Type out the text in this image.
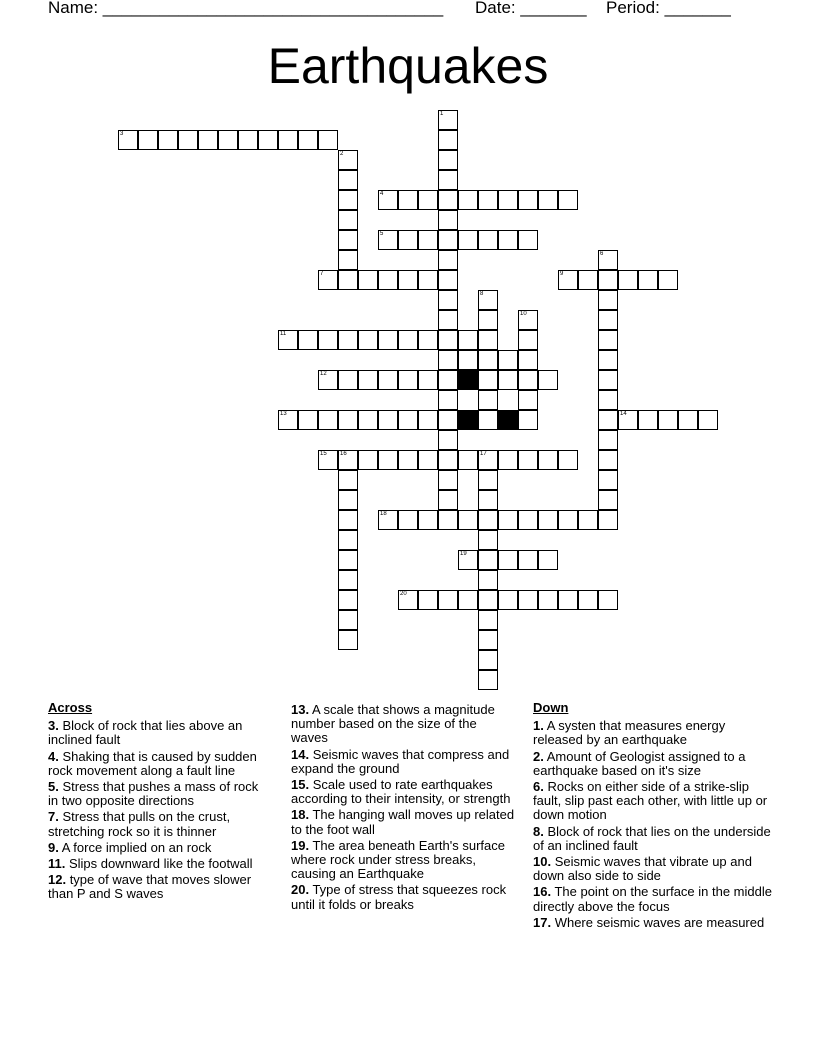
Name: ____________________________________ Date: _______ Period: _______
Earthquakes
3
4
5
7	9
11
12
13	14
15 16	17
18
19
20
1
2
6
8
10
Across
3. Block of rock that lies above an inclined fault
4. Shaking that is caused by sudden rock movement along a fault line
5. Stress that pushes a mass of rock in two opposite directions
7. Stress that pulls on the crust, stretching rock so it is thinner
9. A force implied on an rock
11. Slips downward like the footwall
12. type of wave that moves slower than P and S waves
13. A scale that shows a magnitude number based on the size of the waves
14. Seismic waves that compress and expand the ground
15. Scale used to rate earthquakes according to their intensity, or strength
18. The hanging wall moves up related to the foot wall
19. The area beneath Earth's surface where rock under stress breaks, causing an Earthquake
20. Type of stress that squeezes rock until it folds or breaks
Down
1. A systen that measures energy released by an earthquake
2. Amount of Geologist assigned to a earthquake based on it's size
6. Rocks on either side of a strike-slip fault, slip past each other, with little up or down motion
8. Block of rock that lies on the underside of an inclined fault
10. Seismic waves that vibrate up and down also side to side
16. The point on the surface in the middle directly above the focus
17. Where seismic waves are measured
